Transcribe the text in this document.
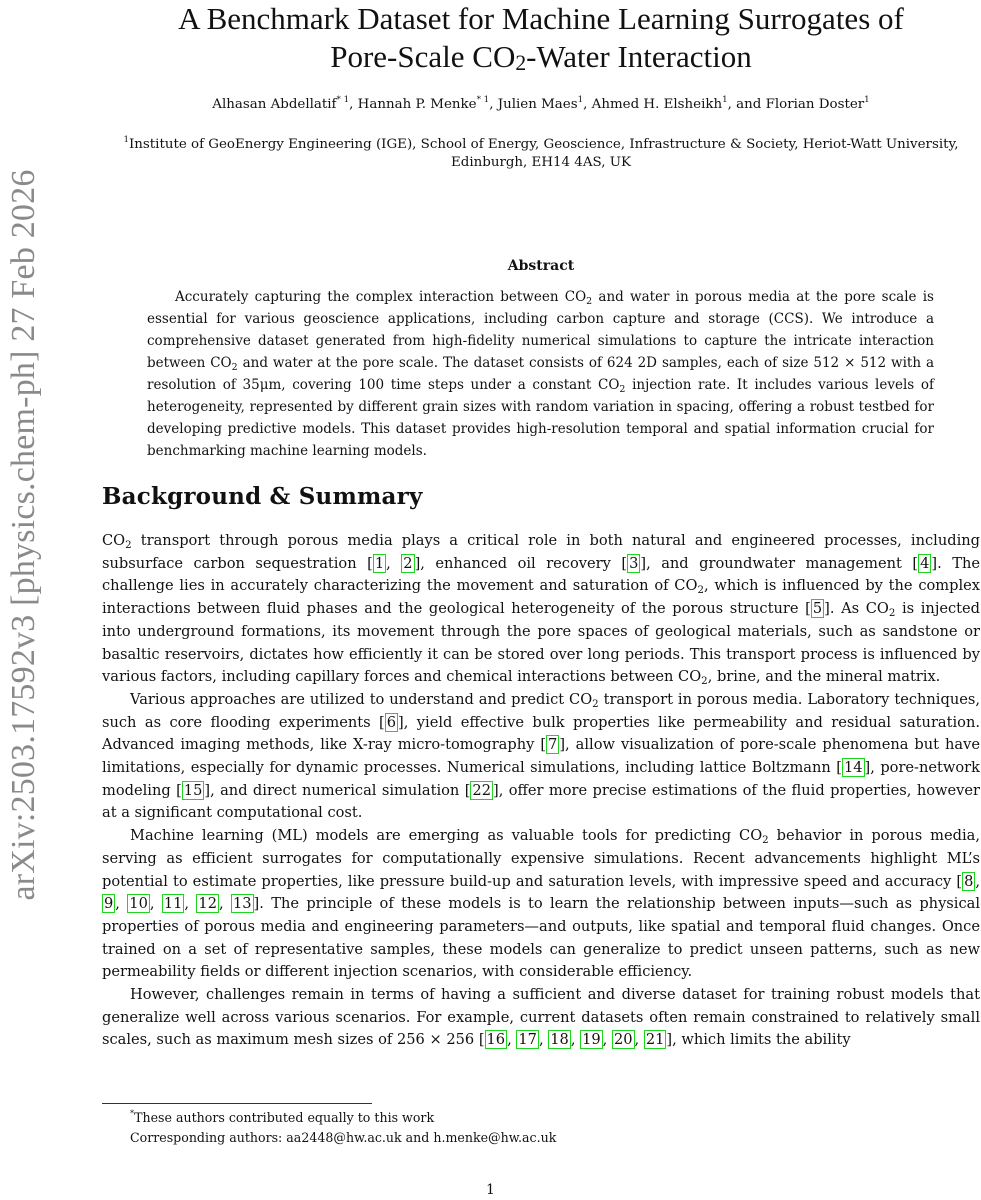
arXiv:2503.17592v3 [physics.chem-ph] 27 Feb 2026
A Benchmark Dataset for Machine Learning Surrogates of
Pore-Scale $CO_2$-Water Interaction
Alhasan Abdellatif$^{* 1}$, Hannah P. Menke$^{* 1}$, Julien Maes$^1$, Ahmed H. Elsheikh$^1$, and Florian Doster$^1$
$^1$Institute of GeoEnergy Engineering (IGE), School of Energy, Geoscience, Infrastructure & Society, Heriot-Watt University,
Edinburgh, EH14 4AS, UK
Abstract

Accurately capturing the complex interaction between $CO_2$ and water in porous media at the pore scale is essential for various geoscience applications, including carbon capture and storage (CCS). We introduce a comprehensive dataset generated from high-fidelity numerical simulations to capture the intricate interaction between $CO_2$ and water at the pore scale. The dataset consists of 624 2D samples, each of size 512 × 512 with a resolution of 35μm, covering 100 time steps under a constant $CO_2$ injection rate. It includes various levels of heterogeneity, represented by different grain sizes with random variation in spacing, offering a robust testbed for developing predictive models. This dataset provides high-resolution temporal and spatial information crucial for benchmarking machine learning models.

Background & Summary

$CO_2$ transport through porous media plays a critical role in both natural and engineered processes, including subsurface carbon sequestration [ 1 , 2 ], enhanced oil recovery [ 3 ], and groundwater management [ 4 ]. The challenge lies in accurately characterizing the movement and saturation of $CO_2$, which is influenced by the complex interactions between fluid phases and the geological heterogeneity of the porous structure [ 5 ]. As $CO_2$ is injected into underground formations, its movement through the pore spaces of geological materials, such as sandstone or basaltic reservoirs, dictates how efficiently it can be stored over long periods. This transport process is influenced by various factors, including capillary forces and chemical interactions between $CO_2$, brine, and the mineral matrix.

Various approaches are utilized to understand and predict $CO_2$ transport in porous media. Laboratory techniques, such as core flooding experiments [ 6 ], yield effective bulk properties like permeability and residual saturation. Advanced imaging methods, like X-ray micro-tomography [ 7 ], allow visualization of pore-scale phenomena but have limitations, especially for dynamic processes. Numerical simulations, including lattice Boltzmann [ 14 ], pore-network modeling [ 15 ], and direct numerical simulation [ 22 ], offer more precise estimations of the fluid properties, however at a significant computational cost.

Machine learning (ML) models are emerging as valuable tools for predicting $CO_2$ behavior in porous media, serving as efficient surrogates for computationally expensive simulations. Recent advancements highlight ML’s potential to estimate properties, like pressure build-up and saturation levels, with impressive speed and accuracy [ 8 , 9 , 10 , 11 , 12 , 13 ]. The principle of these models is to learn the relationship between inputs—such as physical properties of porous media and engineering parameters—and outputs, like spatial and temporal fluid changes. Once trained on a set of representative samples, these models can generalize to predict unseen patterns, such as new permeability fields or different injection scenarios, with considerable efficiency.

However, challenges remain in terms of having a sufficient and diverse dataset for training robust models that generalize well across various scenarios. For example, current datasets often remain constrained to relatively small scales, such as maximum mesh sizes of 256 × 256 [ 16 , 17 , 18 , 19 , 20 , 21 ], which limits the ability

*These authors contributed equally to this work
Corresponding authors: aa2448@hw.ac.uk and h.menke@hw.ac.uk
1
